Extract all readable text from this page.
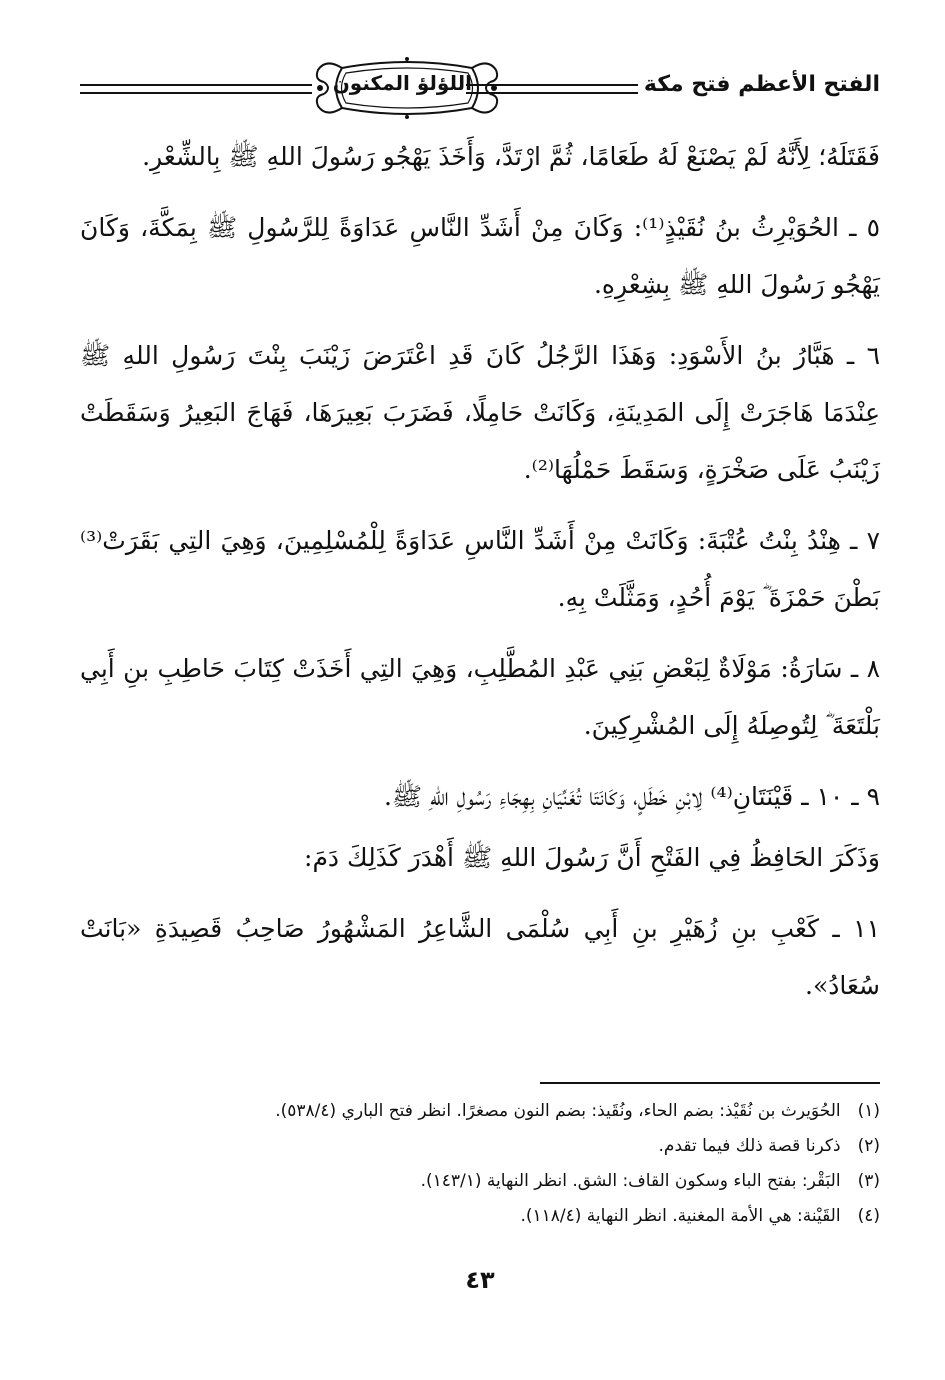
الفتح الأعظم فتح مكة
اللؤلؤ المكنون

فَقَتَلَهُ؛ لِأَنَّهُ لَمْ يَصْنَعْ لَهُ طَعَامًا، ثُمَّ ارْتَدَّ، وَأَخَذَ يَهْجُو رَسُولَ اللهِ ﷺ بِالشِّعْرِ.

٥ ـ الحُوَيْرِثُ بنُ نُقَيْذٍ⁽¹⁾: وَكَانَ مِنْ أَشَدِّ النَّاسِ عَدَاوَةً لِلرَّسُولِ ﷺ بِمَكَّةَ، وَكَانَ يَهْجُو رَسُولَ اللهِ ﷺ بِشِعْرِهِ.

٦ ـ هَبَّارُ بنُ الأَسْوَدِ: وَهَذَا الرَّجُلُ كَانَ قَدِ اعْتَرَضَ زَيْنَبَ بِنْتَ رَسُولِ اللهِ ﷺ عِنْدَمَا هَاجَرَتْ إِلَى المَدِينَةِ، وَكَانَتْ حَامِلًا، فَضَرَبَ بَعِيرَهَا، فَهَاجَ البَعِيرُ وَسَقَطَتْ زَيْنَبُ عَلَى صَخْرَةٍ، وَسَقَطَ حَمْلُهَا⁽²⁾.

٧ ـ هِنْدُ بِنْتُ عُتْبَةَ: وَكَانَتْ مِنْ أَشَدِّ النَّاسِ عَدَاوَةً لِلْمُسْلِمِينَ، وَهِيَ التِي بَقَرَتْ⁽³⁾ بَطْنَ حَمْزَةَ ؓ يَوْمَ أُحُدٍ، وَمَثَّلَتْ بِهِ.

٨ ـ سَارَةُ: مَوْلَاةٌ لِبَعْضِ بَنِي عَبْدِ المُطَّلِبِ، وَهِيَ التِي أَخَذَتْ كِتَابَ حَاطِبِ بنِ أَبِي بَلْتَعَةَ ؓ لِتُوصِلَهُ إِلَى المُشْرِكِينَ.

٩ ـ ١٠ ـ قَيْنَتَانِ⁽⁴⁾ لِابْنِ خَطَلٍ، وَكَانَتَا تُغَنِّيَانِ بِهِجَاءِ رَسُولِ اللهِ ﷺ.

وَذَكَرَ الحَافِظُ فِي الفَتْحِ أَنَّ رَسُولَ اللهِ ﷺ أَهْدَرَ كَذَلِكَ دَمَ:

١١ ـ كَعْبِ بنِ زُهَيْرِ بنِ أَبِي سُلْمَى الشَّاعِرُ المَشْهُورُ صَاحِبُ قَصِيدَةِ «بَانَتْ سُعَادُ».

(١) الحُوَيرث بن نُقَيْذ: بضم الحاء، ونُقَيذ: بضم النون مصغرًا. انظر فتح الباري (٥٣٨/٤).
(٢) ذكرنا قصة ذلك فيما تقدم.
(٣) البَقْر: بفتح الباء وسكون القاف: الشق. انظر النهاية (١٤٣/١).
(٤) القَيْنة: هي الأمة المغنية. انظر النهاية (١١٨/٤).
٤٣
